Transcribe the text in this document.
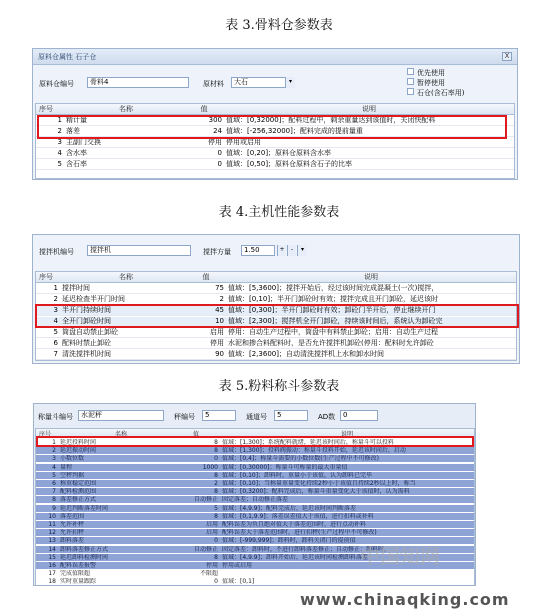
表 3.骨料仓参数表
表 4.主机性能参数表
表 5.粉料称斗参数表
原料仓属性 石子仓	X
原料仓编号	骨料4	原材料	大石	▾
优先使用
暂停使用
石仓(含石率用)
序号	名称	值	说明
1 精计量	300 值域：[0,32000]；配料过程中，剩余重量达到该值时，关闭快配料
2 落差	24 值域：[-256,32000]；配料完成的提前量重
3 主副门交换	停用 停用或启用
4 含水率	0 值域：[0,20]；原料仓原料含水率
5 含石率	0 值域：[0,50]；原料仓原料含石子的比率
搅拌机编号	搅拌机	搅拌方量	1.50	+	-	▾
序号	名称	值	说明
1 搅拌时间	75 值域：[5,3600]；搅拌开始后，经过该时间完成混凝土(一次)搅拌，
2 延迟检查半开门时间	2 值域：[0,10]；半开门卸砼时有效；搅拌完成且开门卸砼，延迟该时
3 半开门持续时间	45 值域：[0,300]；半开门卸砼时有效；卸砼门半开后，停止继续开门
4 全开门卸砼时间	10 值域：[2,300]；搅拌机全开门卸砼，持续该时间后，系统认为卸砼完
5 筒盘自动禁止卸砼	启用 停用：自动生产过程中，筒盘中有料禁止卸砼；启用：自动生产过程
6 配料时禁止卸砼	停用 水泥和掺合料配料时，是否允许搅拌机卸砼(停用：配料时允许卸砼
7 清洗搅拌机时间	90 值域：[2,3600]；自动清洗搅拌机上水和卸水时间
称量斗编号	水泥秤	秤编号	5	通道号	5	AD数	0
序号	名称	值	说明
1 延迟投料时间	8 值域：[1,300]；系统配料就绪，延迟该时间后，称量斗可以投料
2 延迟振动时间	8 值域：[1,300]；投料阀振动：称量斗投料开始，延迟该时间后，启动
3 小数位数	0 值域：[0,4]；称量斗需要的小数位数(生产过程中不可修改)
4 量程	1000 值域：[0,30000]；称量斗可称量的最大重量值
5 空秤判据	8 值域：[0,10]；卸料时，重量小于该值，认为卸料已完毕
6 称重稳定范围	2 值域：[0,10]；当称量重量变化持续2秒小于该值且持续2秒以上时，称当
7 配料检测范围	8 值域：[0,3200]；配料完成后，称量斗重量变化大于该值时，认为需料
8 落差修正方式	自动修正 固定落差；自动修正落差
9 延迟判断落差时间	5 值域：[4,9.9]；配料完成后，延迟该时间判断落差
10 落差范围	8 值域：[0,1,9.9]；落差误差值大于该值，进行扣料或补料
11 允许补秤	启用 配料误差为负且绝对值大于落差范围时，进行点动补料
12 允许扣秤	启用 配料误差大于落差范围时，进行扣秤(生产过程中不可修改)
13 卸料落差	0 值域：[-999,999]；卸料时，卸料关闭门的提前值
14 卸料落差修正方式	自动修正 固定落差：卸料时，不进行卸料落差修正；自动修正：卸料时，
15 延迟卸料检测时间	8 值域：[4,9.9]；卸料开始后，延迟该时间检测卸料落差
16 配料误差报警	停用 停用或启用
17 完成值限超	不限超
18 实时重量跟踪	0 值域：[0,1]
中国知网
www.chinaqking.com
